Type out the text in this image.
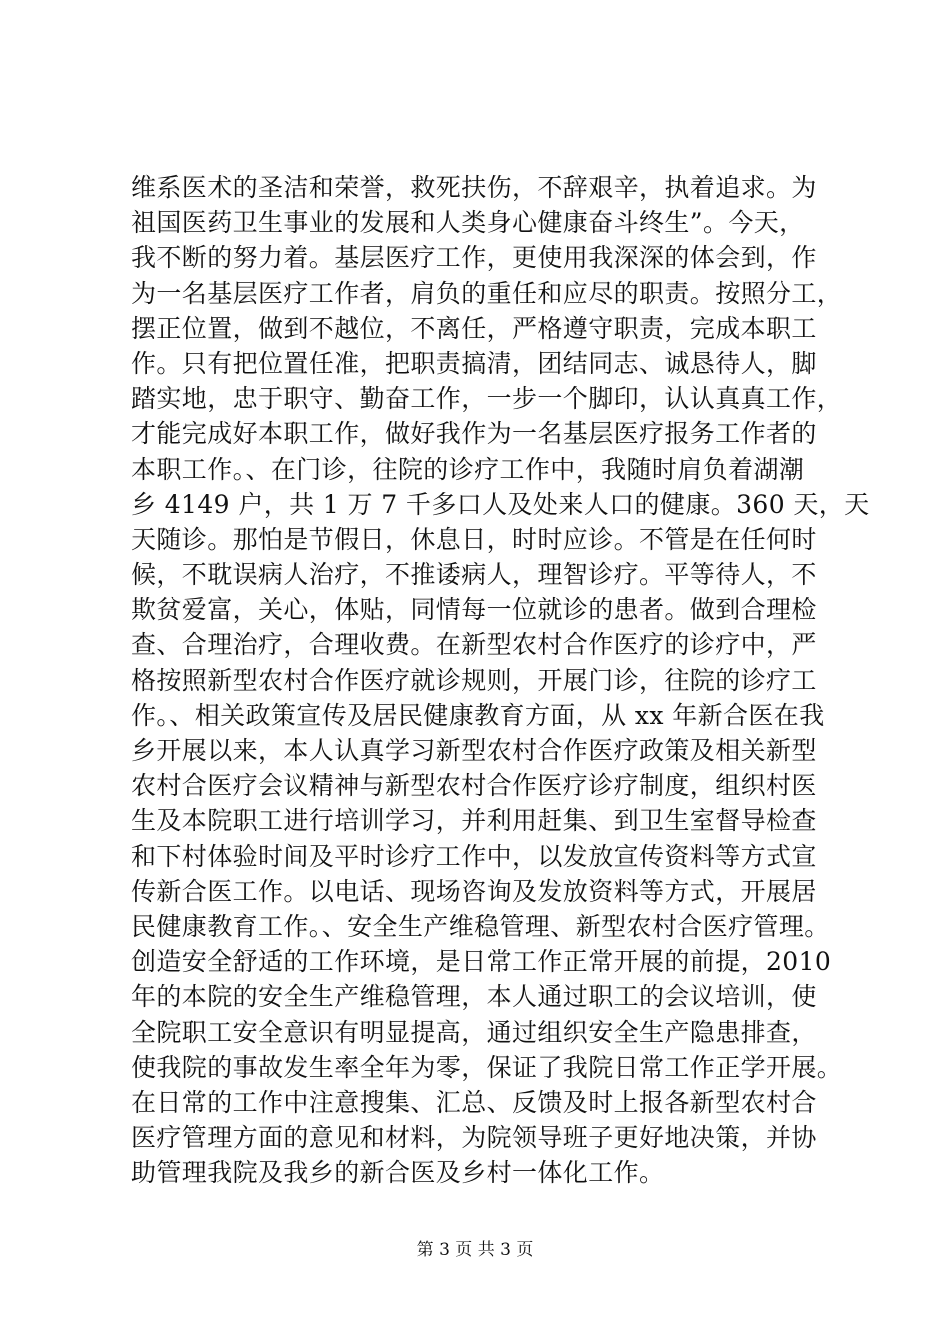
维系医术的圣洁和荣誉，救死扶伤，不辞艰辛，执着追求。为
祖国医药卫生事业的发展和人类身心健康奋斗终生”。今天，
我不断的努力着。基层医疗工作，更使用我深深的体会到，作
为一名基层医疗工作者，肩负的重任和应尽的职责。按照分工，
摆正位置，做到不越位，不离任，严格遵守职责，完成本职工
作。只有把位置任准，把职责搞清，团结同志、诚恳待人，脚
踏实地，忠于职守、勤奋工作，一步一个脚印，认认真真工作，
才能完成好本职工作，做好我作为一名基层医疗报务工作者的
本职工作。、在门诊，往院的诊疗工作中，我随时肩负着湖潮
乡 4149 户，共 1 万 7 千多口人及处来人口的健康。360 天，天
天随诊。那怕是节假日，休息日，时时应诊。不管是在任何时
候，不耽误病人治疗，不推诿病人，理智诊疗。平等待人，不
欺贫爱富，关心，体贴，同情每一位就诊的患者。做到合理检
查、合理治疗，合理收费。在新型农村合作医疗的诊疗中，严
格按照新型农村合作医疗就诊规则，开展门诊，往院的诊疗工
作。、相关政策宣传及居民健康教育方面，从 xx 年新合医在我
乡开展以来，本人认真学习新型农村合作医疗政策及相关新型
农村合医疗会议精神与新型农村合作医疗诊疗制度，组织村医
生及本院职工进行培训学习，并利用赶集、到卫生室督导检查
和下村体验时间及平时诊疗工作中，以发放宣传资料等方式宣
传新合医工作。以电话、现场咨询及发放资料等方式，开展居
民健康教育工作。、安全生产维稳管理、新型农村合医疗管理。
创造安全舒适的工作环境，是日常工作正常开展的前提，2010
年的本院的安全生产维稳管理，本人通过职工的会议培训，使
全院职工安全意识有明显提高，通过组织安全生产隐患排查，
使我院的事故发生率全年为零，保证了我院日常工作正学开展。
在日常的工作中注意搜集、汇总、反馈及时上报各新型农村合
医疗管理方面的意见和材料，为院领导班子更好地决策，并协
助管理我院及我乡的新合医及乡村一体化工作。
第 3 页 共 3 页
